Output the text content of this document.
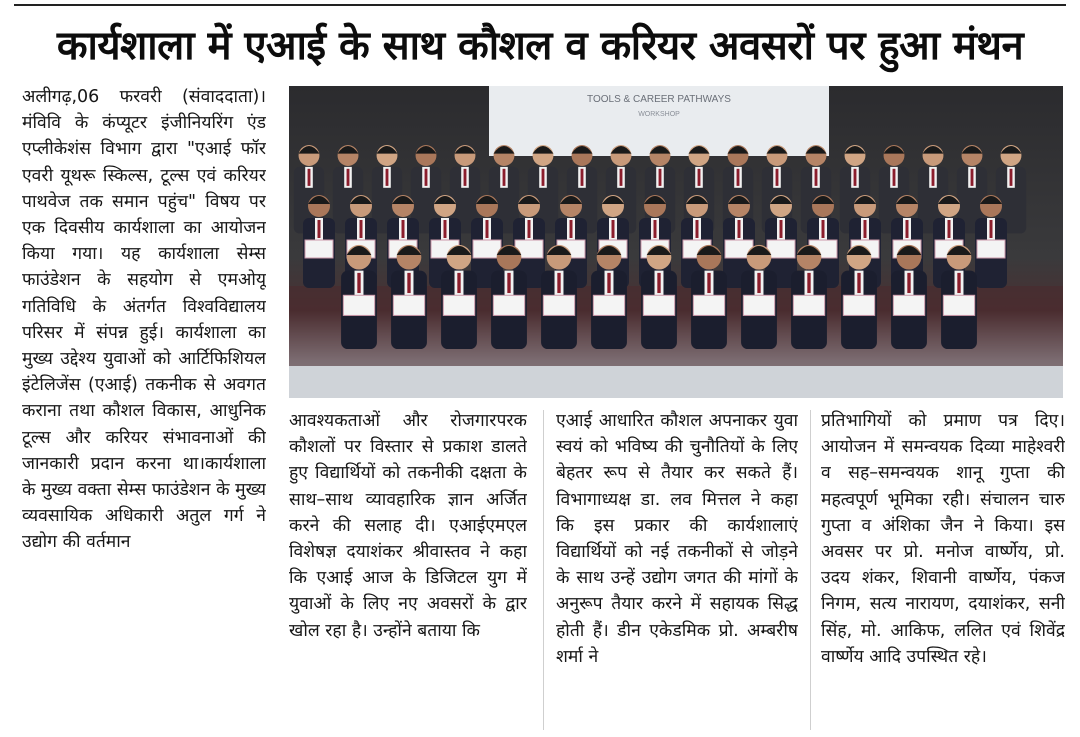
कार्यशाला में एआई के साथ कौशल व करियर अवसरों पर हुआ मंथन
TOOLS & CAREER PATHWAYS
WORKSHOP

अलीगढ़,06 फरवरी (संवाददाता)। मंविवि के कंप्यूटर इंजीनियरिंग एंड एप्लीकेशंस विभाग द्वारा "एआई फॉर एवरी यूथरू स्किल्स, टूल्स एवं करियर पाथवेज तक समान पहुंच" विषय पर एक दिवसीय कार्यशाला का आयोजन किया गया। यह कार्यशाला सेम्स फाउंडेशन के सहयोग से एमओयू गतिविधि के अंतर्गत विश्वविद्यालय परिसर में संपन्न हुई। कार्यशाला का मुख्य उद्देश्य युवाओं को आर्टिफिशियल इंटेलिजेंस (एआई) तकनीक से अवगत कराना तथा कौशल विकास, आधुनिक टूल्स और करियर संभावनाओं की जानकारी प्रदान करना था।कार्यशाला के मुख्य वक्ता सेम्स फाउंडेशन के मुख्य व्यवसायिक अधिकारी अतुल गर्ग ने उद्योग की वर्तमान

आवश्यकताओं और रोजगारपरक कौशलों पर विस्तार से प्रकाश डालते हुए विद्यार्थियों को तकनीकी दक्षता के साथ–साथ व्यावहारिक ज्ञान अर्जित करने की सलाह दी। एआईएमएल विशेषज्ञ दयाशंकर श्रीवास्तव ने कहा कि एआई आज के डिजिटल युग में युवाओं के लिए नए अवसरों के द्वार खोल रहा है। उन्होंने बताया कि

एआई आधारित कौशल अपनाकर युवा स्वयं को भविष्य की चुनौतियों के लिए बेहतर रूप से तैयार कर सकते हैं। विभागाध्यक्ष डा. लव मित्तल ने कहा कि इस प्रकार की कार्यशालाएं विद्यार्थियों को नई तकनीकों से जोड़ने के साथ उन्हें उद्योग जगत की मांगों के अनुरूप तैयार करने में सहायक सिद्ध होती हैं। डीन एकेडमिक प्रो. अम्बरीष शर्मा ने

प्रतिभागियों को प्रमाण पत्र दिए। आयोजन में समन्वयक दिव्या माहेश्वरी व सह–समन्वयक शानू गुप्ता की महत्वपूर्ण भूमिका रही। संचालन चारु गुप्ता व अंशिका जैन ने किया। इस अवसर पर प्रो. मनोज वार्ष्णेय, प्रो. उदय शंकर, शिवानी वार्ष्णेय, पंकज निगम, सत्य नारायण, दयाशंकर, सनी सिंह, मो. आकिफ, ललित एवं शिवेंद्र वार्ष्णेय आदि उपस्थित रहे।
